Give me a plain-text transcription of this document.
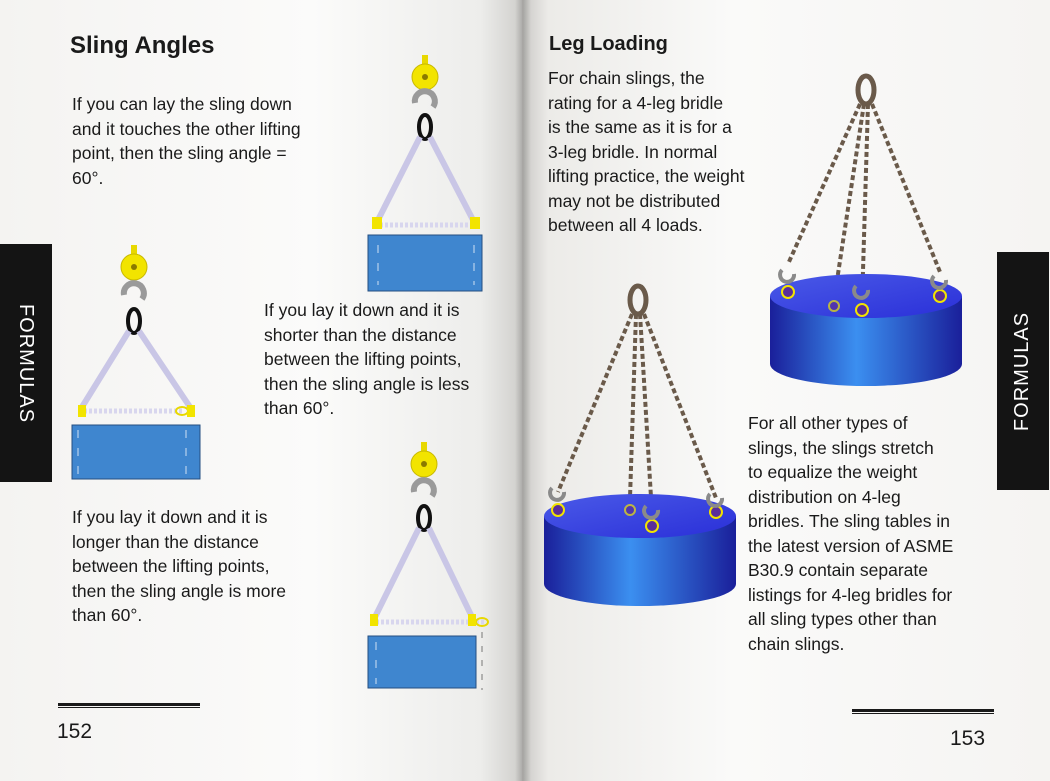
Sling Angles

If you can lay the sling down
and it touches the other lifting
point, then the sling angle =
60°.

If you lay it down and it is
shorter than the distance
between the lifting points,
then the sling angle is less
than 60°.

If you lay it down and it is
longer than the distance
between the lifting points,
then the sling angle is more
than 60°.

FORMULAS

152

Leg Loading

For chain slings, the
rating for a 4-leg bridle
is the same as it is for a
3-leg bridle. In normal
lifting practice, the weight
may not be distributed
between all 4 loads.

For all other types of
slings, the slings stretch
to equalize the weight
distribution on 4-leg
bridles. The sling tables in
the latest version of ASME
B30.9 contain separate
listings for 4-leg bridles for
all sling types other than
chain slings.

FORMULAS

153
